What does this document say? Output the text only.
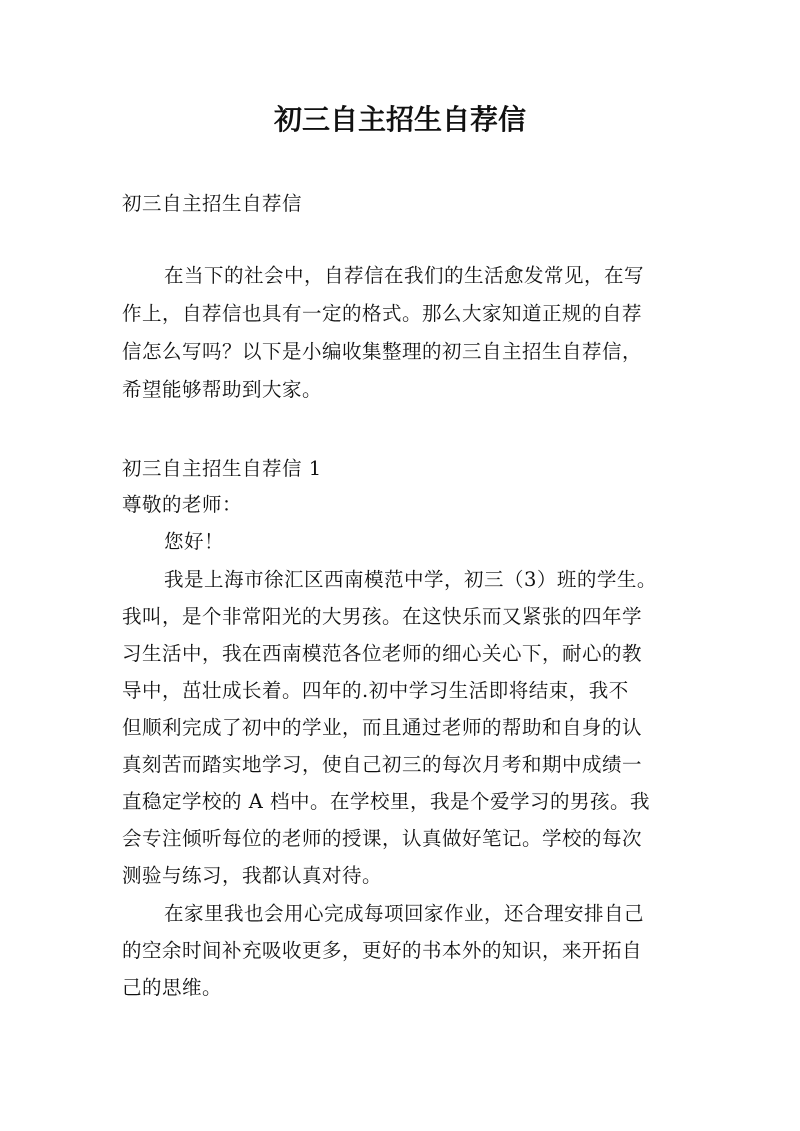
初三自主招生自荐信

初三自主招生自荐信

在当下的社会中，自荐信在我们的生活愈发常见，在写

作上，自荐信也具有一定的格式。那么大家知道正规的自荐

信怎么写吗？以下是小编收集整理的初三自主招生自荐信，

希望能够帮助到大家。

初三自主招生自荐信 1

尊敬的老师：

您好！

我是上海市徐汇区西南模范中学，初三（3）班的学生。

我叫，是个非常阳光的大男孩。在这快乐而又紧张的四年学

习生活中，我在西南模范各位老师的细心关心下，耐心的教

导中，茁壮成长着。四年的.初中学习生活即将结束，我不

但顺利完成了初中的学业，而且通过老师的帮助和自身的认

真刻苦而踏实地学习，使自己初三的每次月考和期中成绩一

直稳定学校的 A 档中。在学校里，我是个爱学习的男孩。我

会专注倾听每位的老师的授课，认真做好笔记。学校的每次

测验与练习，我都认真对待。

在家里我也会用心完成每项回家作业，还合理安排自己

的空余时间补充吸收更多，更好的书本外的知识，来开拓自

己的思维。
